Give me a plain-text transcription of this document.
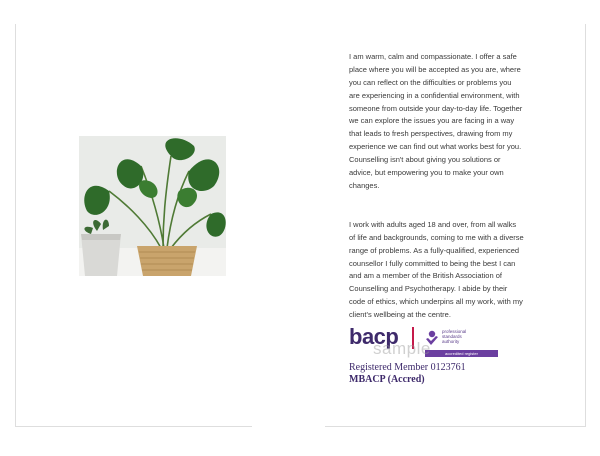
I am warm, calm and compassionate. I offer a safe
place where you will be accepted as you are, where
you can reflect on the difficulties or problems you
are experiencing in a confidential environment, with
someone from outside your day-to-day life. Together
we can explore the issues you are facing in a way
that leads to fresh perspectives, drawing from my
experience we can find out what works best for you.
Counselling isn't about giving you solutions or
advice, but empowering you to make your own
changes.

I work with adults aged 18 and over, from all walks
of life and backgrounds, coming to me with a diverse
range of problems. As a fully-qualified, experienced
counsellor I fully committed to being the best I can
and am a member of the British Association of
Counselling and Psychotherapy. I abide by their
code of ethics, which underpins all my work, with my
client's wellbeing at the centre.

bacp	professional
standards
authority
accredited register
sample
Registered Member 0123761
MBACP (Accred)
